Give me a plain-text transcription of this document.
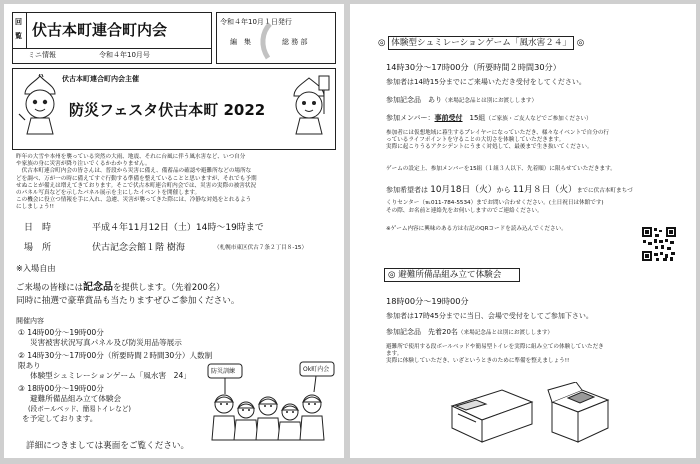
回
覧 伏古本町連合町内会
ミニ情報	令和４年10月号
令和４年10月１日発行
編　集	総 務 部
伏古本町連合町内会主催
防災フェスタ伏古本町 2022
昨年の大雪や本州を襲っている突然の大雨、地震、それに台風に伴う風水害など、いつ自分
や家族の身に災害が降り注いでくるかわかりません。
　伏古本町連合町内会の皆さんは、普段から災害に備え、備蓄品の確認や避難所などの場所な
どを調べ、万が一の時に備えてすぐ行動する準備を整えていることと思いますが、それでも予期
せぬことが備えは増えてきております。そこで伏古本町連合町内会では、災害の実際の被害状況
のパネル写真などを示したパネル展示を主にしたイベントを開催します。
この機会に役立つ情報を手に入れ、急遽、災害が襲ってきた際には、冷静な対処をとれるよう
にしましょう!!
日　時	平成４年11月12日（土）14時～19時まで
場　所	伏古記念会館１階 樹海	（札幌市東区伏古７条２丁目８-15）
※入場自由
ご来場の皆様には記念品を提供します。（先着200名）
同時に抽選で豪華賞品も当たりますぜひご参加ください。
開催内容
① 14時00分～19時00分
災害被害状況写真パネル及び防災用品等展示
② 14時30分～17時00分（所要時間２時間30分）人数制限あり
体験型シュミレーションゲーム「風水害　24」
③ 18時00分～19時00分
避難所備品組み立て体験会
(段ボールベッド、簡易トイレなど)
を予定しております。
防災訓練	Ok町内会
詳細につきましては裏面をご覧ください。
◎ 体験型シュミレーションゲーム「風水害２４」 ◎
14時30分～17時00分（所要時間２時間30分）
参加者は14時15分までにご来場いただき受付をしてください。
参加記念品　 あり（来場記念品とは別にお渡しします）
参加メンバー：事前受付　 15組（ご家族・ご友人などでご参加ください）
参加者には仮想地域に暮生するプレイヤーになっていただき、様々なイベントで自分の行
っているライフポイントを守ることの大切さを体験していただきます。
実際に起こりうるアクシデントにうまく対処して、最後まで生き抜いてください。
ゲームの設定上、参加メンバーを15組（１組３人以下、先着順）に限らせていただきます。
参加希望者は 10月18日（火）から 11月８日（火）までに伏古本町まちづ
くりセンター（℡011-784-5534）までお問い合わせください。(土日祝日は休館です)
その際、お名前と連絡先をお伺いしますのでご連絡ください。
※ゲーム内容に興味のある方は右記のQRコードを読み込んでください。
◎ 避難所備品組み立て体験会
18時00分～19時00分
参加者は17時45分までに当日、会場で受付をしてご参加下さい。
参加記念品　 先着20名（来場記念品とは別にお渡しします）
避難所で使用する段ボールベッドや簡易型トイレを実際に組み立ての体験していただき
ます。
実際に体験していただき、いざというときのために準備を整えましょう!!
